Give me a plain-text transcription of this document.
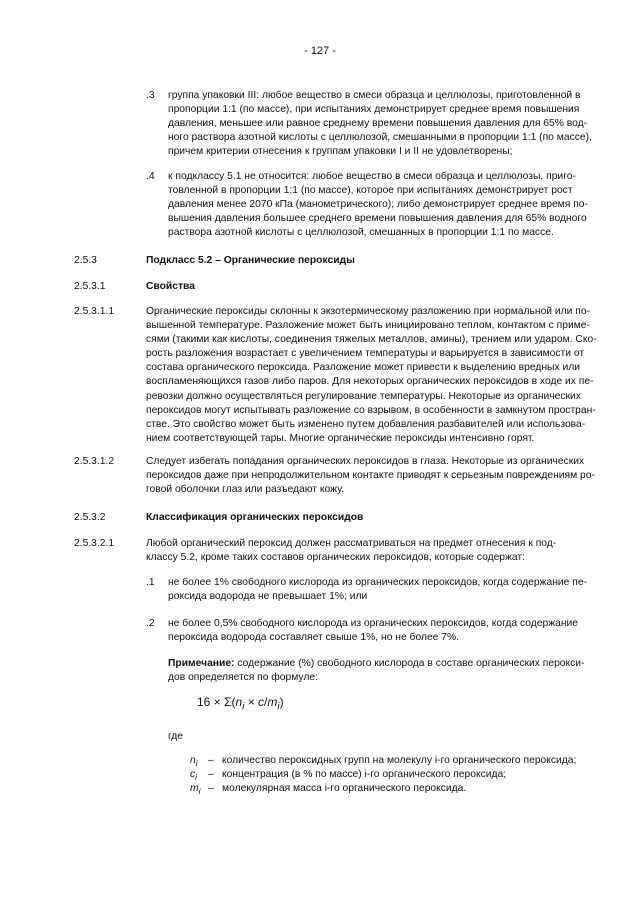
- 127 -
.3	группа упаковки III: любое вещество в смеси образца и целлюлозы, приготовленной в
пропорции 1:1 (по массе), при испытаниях демонстрирует среднее время повышения
давления, меньшее или равное среднему времени повышения давления для 65% вод-
ного раствора азотной кислоты с целлюлозой, смешанными в пропорции 1:1 (по массе),
причем критерии отнесения к группам упаковки I и II не удовлетворены;
.4	к подклассу 5.1 не относится: любое вещество в смеси образца и целлюлозы, приго-
товленной в пропорции 1:1 (по массе), которое при испытаниях демонстрирует рост
давления менее 2070 кПа (манометрического); либо демонстрирует среднее время по-
вышения давления большее среднего времени повышения давления для 65% водного
раствора азотной кислоты с целлюлозой, смешанных в пропорции 1:1 по массе.
2.5.3	Подкласс 5.2 – Органические пероксиды
2.5.3.1	Свойства
2.5.3.1.1	Органические пероксиды склонны к экзотермическому разложению при нормальной или по-
вышенной температуре. Разложение может быть инициировано теплом, контактом с приме-
сями (такими как кислоты, соединения тяжелых металлов, амины), трением или ударом. Ско-
рость разложения возрастает с увеличением температуры и варьируется в зависимости от
состава органического пероксида. Разложение может привести к выделению вредных или
воспламеняющихся газов либо паров. Для некоторых органических пероксидов в ходе их пе-
ревозки должно осуществляться регулирование температуры. Некоторые из органических
пероксидов могут испытывать разложение со взрывом, в особенности в замкнутом простран-
стве. Это свойство может быть изменено путем добавления разбавителей или использова-
нием соответствующей тары. Многие органические пероксиды интенсивно горят.
2.5.3.1.2	Следует избегать попадания органических пероксидов в глаза. Некоторые из органических
пероксидов даже при непродолжительном контакте приводят к серьезным повреждениям ро-
говой оболочки глаз или разъедают кожу.
2.5.3.2	Классификация органических пероксидов
2.5.3.2.1	Любой органический пероксид должен рассматриваться на предмет отнесения к под-
классу 5.2, кроме таких составов органических пероксидов, которые содержат:
.1	не более 1% свободного кислорода из органических пероксидов, когда содержание пе-
роксида водорода не превышает 1%; или
.2	не более 0,5% свободного кислорода из органических пероксидов, когда содержание
пероксида водорода составляет свыше 1%, но не более 7%.
Примечание: содержание (%) свободного кислорода в составе органических перокси-
дов определяется по формуле:
$16 \times \Sigma(n_i \times c/m_i)$
где
$n_i$	– количество пероксидных групп на молекулу i-го органического пероксида;
$c_i$	– концентрация (в % по массе) i-го органического пероксида;
$m_i$ – молекулярная масса i-го органического пероксида.
